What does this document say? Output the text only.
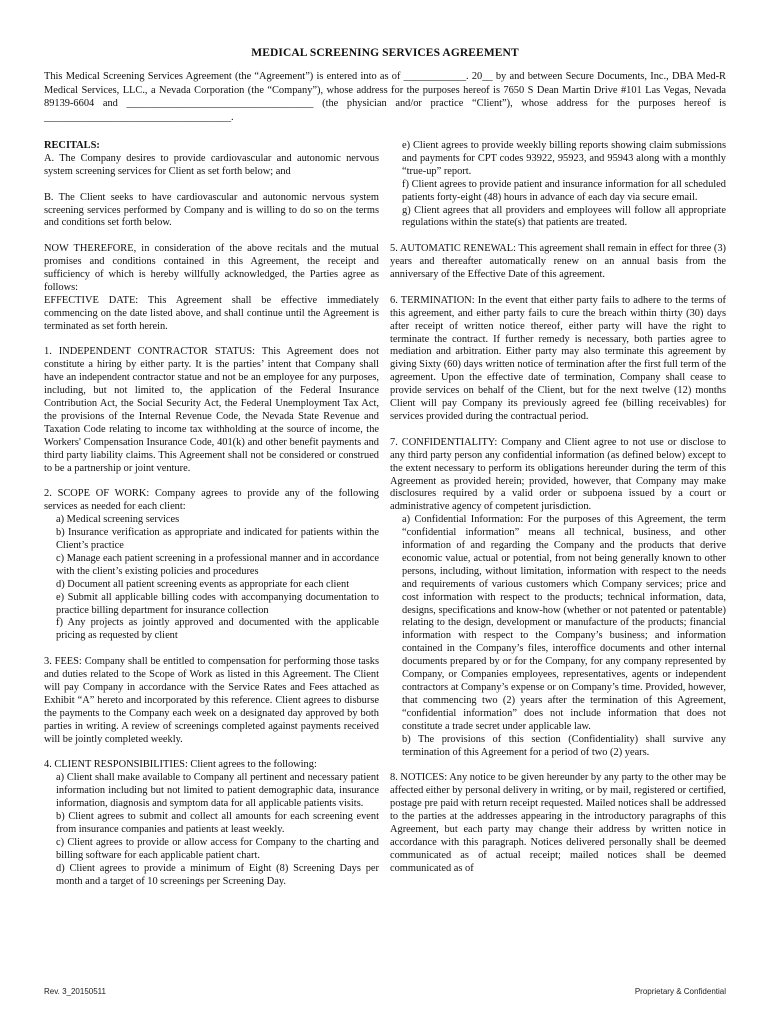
MEDICAL SCREENING SERVICES AGREEMENT

This Medical Screening Services Agreement (the “Agreement”) is entered into as of ____________. 20__ by and between Secure Documents, Inc., DBA Med-R Medical Services, LLC., a Nevada Corporation (the “Company”), whose address for the purposes hereof is 7650 S Dean Martin Drive #101 Las Vegas, Nevada 89139-6604 and ____________________________________ (the physician and/or practice “Client”), whose address for the purposes hereof is ____________________________________.

RECITALS:

A. The Company desires to provide cardiovascular and autonomic nervous system screening services for Client as set forth below; and

B. The Client seeks to have cardiovascular and autonomic nervous system screening services performed by Company and is willing to do so on the terms and conditions set forth below.

NOW THEREFORE, in consideration of the above recitals and the mutual promises and conditions contained in this Agreement, the receipt and sufficiency of which is hereby willfully acknowledged, the Parties agree as follows:

EFFECTIVE DATE: This Agreement shall be effective immediately commencing on the date listed above, and shall continue until the Agreement is terminated as set forth herein.

1. INDEPENDENT CONTRACTOR STATUS: This Agreement does not constitute a hiring by either party. It is the parties’ intent that Company shall have an independent contractor statue and not be an employee for any purposes, including, but not limited to, the application of the Federal Insurance Contribution Act, the Social Security Act, the Federal Unemployment Tax Act, the provisions of the Internal Revenue Code, the Nevada State Revenue and Taxation Code relating to income tax withholding at the source of income, the Workers' Compensation Insurance Code, 401(k) and other benefit payments and third party liability claims. This Agreement shall not be considered or construed to be a partnership or joint venture.

2. SCOPE OF WORK: Company agrees to provide any of the following services as needed for each client:

a) Medical screening services

b) Insurance verification as appropriate and indicated for patients within the Client’s practice

c) Manage each patient screening in a professional manner and in accordance with the client’s existing policies and procedures

d) Document all patient screening events as appropriate for each client

e) Submit all applicable billing codes with accompanying documentation to practice billing department for insurance collection

f) Any projects as jointly approved and documented with the applicable pricing as requested by client

3. FEES: Company shall be entitled to compensation for performing those tasks and duties related to the Scope of Work as listed in this Agreement. The Client will pay Company in accordance with the Service Rates and Fees attached as Exhibit “A” hereto and incorporated by this reference. Client agrees to disburse the payments to the Company each week on a designated day approved by both parties in writing. A review of screenings completed against payments received will be jointly completed weekly.

4. CLIENT RESPONSIBILITIES: Client agrees to the following:

a) Client shall make available to Company all pertinent and necessary patient information including but not limited to patient demographic data, insurance information, diagnosis and symptom data for all applicable patients visits.

b) Client agrees to submit and collect all amounts for each screening event from insurance companies and patients at least weekly.

c) Client agrees to provide or allow access for Company to the charting and billing software for each applicable patient chart.

d) Client agrees to provide a minimum of Eight (8) Screening Days per month and a target of 10 screenings per Screening Day.

e) Client agrees to provide weekly billing reports showing claim submissions and payments for CPT codes 93922, 95923, and 95943 along with a monthly “true-up” report.

f) Client agrees to provide patient and insurance information for all scheduled patients forty-eight (48) hours in advance of each day via secure email.

g) Client agrees that all providers and employees will follow all appropriate regulations within the state(s) that patients are treated.

5. AUTOMATIC RENEWAL: This agreement shall remain in effect for three (3) years and thereafter automatically renew on an annual basis from the anniversary of the Effective Date of this agreement.

6. TERMINATION: In the event that either party fails to adhere to the terms of this agreement, and either party fails to cure the breach within thirty (30) days after receipt of written notice thereof, either party will have the right to terminate the contract. If further remedy is necessary, both parties agree to mediation and arbitration. Either party may also terminate this agreement by giving Sixty (60) days written notice of termination after the first full term of the agreement. Upon the effective date of termination, Company shall cease to provide services on behalf of the Client, but for the next twelve (12) months Client will pay Company its previously agreed fee (billing receivables) for services provided during the contractual period.

7. CONFIDENTIALITY: Company and Client agree to not use or disclose to any third party person any confidential information (as defined below) except to the extent necessary to perform its obligations hereunder during the term of this Agreement as provided herein; provided, however, that Company may make disclosures required by a valid order or subpoena issued by a court or administrative agency of competent jurisdiction.

a) Confidential Information: For the purposes of this Agreement, the term “confidential information” means all technical, business, and other information of and regarding the Company and the products that derive economic value, actual or potential, from not being generally known to other persons, including, without limitation, information with respect to the needs and requirements of various customers which Company services; price and cost information with respect to the products; technical information, data, designs, specifications and know-how (whether or not patented or patentable) relating to the design, development or manufacture of the products; financial information with respect to the Company’s business; and information contained in the Company’s files, interoffice documents and other internal documents prepared by or for the Company, for any company represented by Company, or Companies employees, representatives, agents or independent contractors at Company’s expense or on Company’s time. Provided, however, that commencing two (2) years after the termination of this Agreement, “confidential information” does not include information that does not constitute a trade secret under applicable law.

b) The provisions of this section (Confidentiality) shall survive any termination of this Agreement for a period of two (2) years.

8. NOTICES: Any notice to be given hereunder by any party to the other may be affected either by personal delivery in writing, or by mail, registered or certified, postage pre paid with return receipt requested. Mailed notices shall be addressed to the parties at the addresses appearing in the introductory paragraphs of this Agreement, but each party may change their address by written notice in accordance with this paragraph. Notices delivered personally shall be deemed communicated as of actual receipt; mailed notices shall be deemed communicated as of

Rev. 3_20150511	Proprietary & Confidential
